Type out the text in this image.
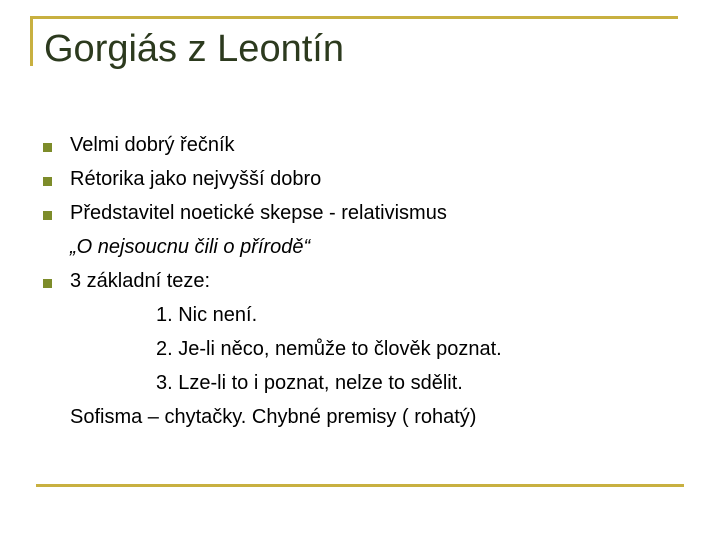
Gorgiás z Leontín
Velmi dobrý řečník
Rétorika jako nejvyšší dobro
Představitel noetické skepse - relativismus
„O nejsoucnu čili o přírodě“
3 základní teze:
1. Nic není.
2. Je-li něco, nemůže to člověk poznat.
3. Lze-li to i poznat, nelze to sdělit.
Sofisma – chytačky. Chybné premisy ( rohatý)
